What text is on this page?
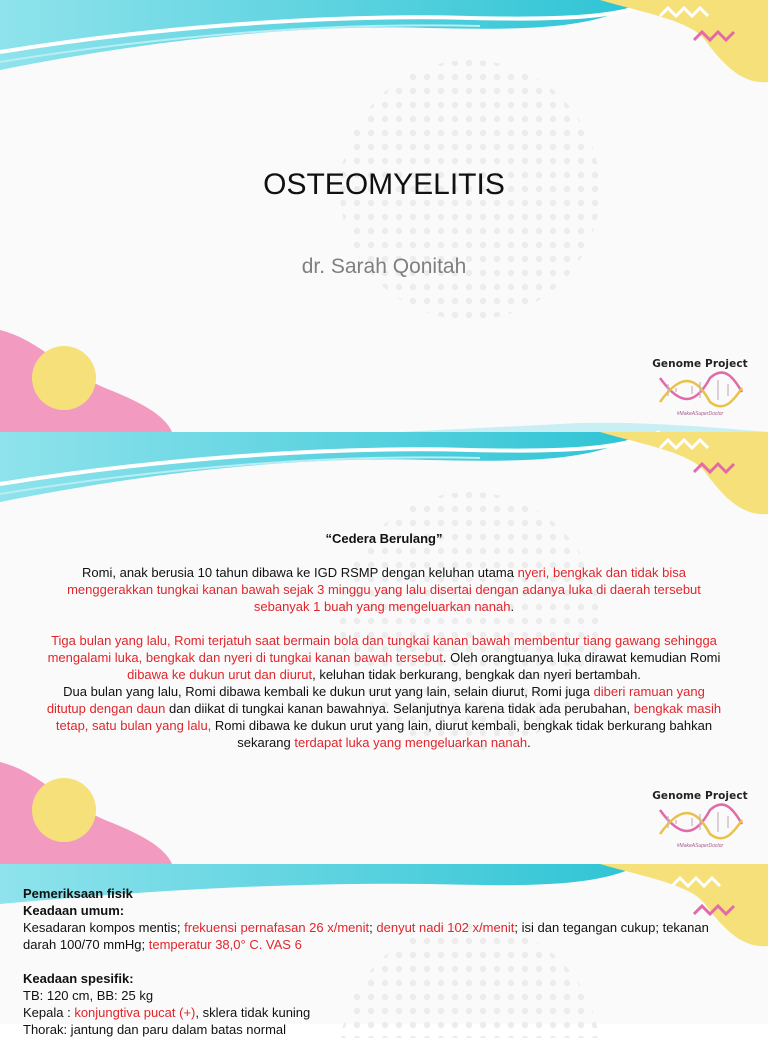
OSTEOMYELITIS
dr. Sarah Qonitah
Genome Project
#MakeASuperDoctor

“Cedera Berulang”

Romi, anak berusia 10 tahun dibawa ke IGD RSMP dengan keluhan utama nyeri, bengkak dan tidak bisa menggerakkan tungkai kanan bawah sejak 3 minggu yang lalu disertai dengan adanya luka di daerah tersebut sebanyak 1 buah yang mengeluarkan nanah.

Tiga bulan yang lalu, Romi terjatuh saat bermain bola dan tungkai kanan bawah membentur tiang gawang sehingga mengalami luka, bengkak dan nyeri di tungkai kanan bawah tersebut. Oleh orangtuanya luka dirawat kemudian Romi dibawa ke dukun urut dan diurut, keluhan tidak berkurang, bengkak dan nyeri bertambah.

Dua bulan yang lalu, Romi dibawa kembali ke dukun urut yang lain, selain diurut, Romi juga diberi ramuan yang ditutup dengan daun dan diikat di tungkai kanan bawahnya. Selanjutnya karena tidak ada perubahan, bengkak masih tetap, satu bulan yang lalu, Romi dibawa ke dukun urut yang lain, diurut kembali, bengkak tidak berkurang bahkan sekarang terdapat luka yang mengeluarkan nanah.

Genome Project
#MakeASuperDoctor

Pemeriksaan fisik

Keadaan umum:

Kesadaran kompos mentis; frekuensi pernafasan 26 x/menit; denyut nadi 102 x/menit; isi dan tegangan cukup; tekanan darah 100/70 mmHg; temperatur 38,0° C. VAS 6

Keadaan spesifik:

TB: 120 cm, BB: 25 kg

Kepala : konjungtiva pucat (+), sklera tidak kuning

Thorak: jantung dan paru dalam batas normal
